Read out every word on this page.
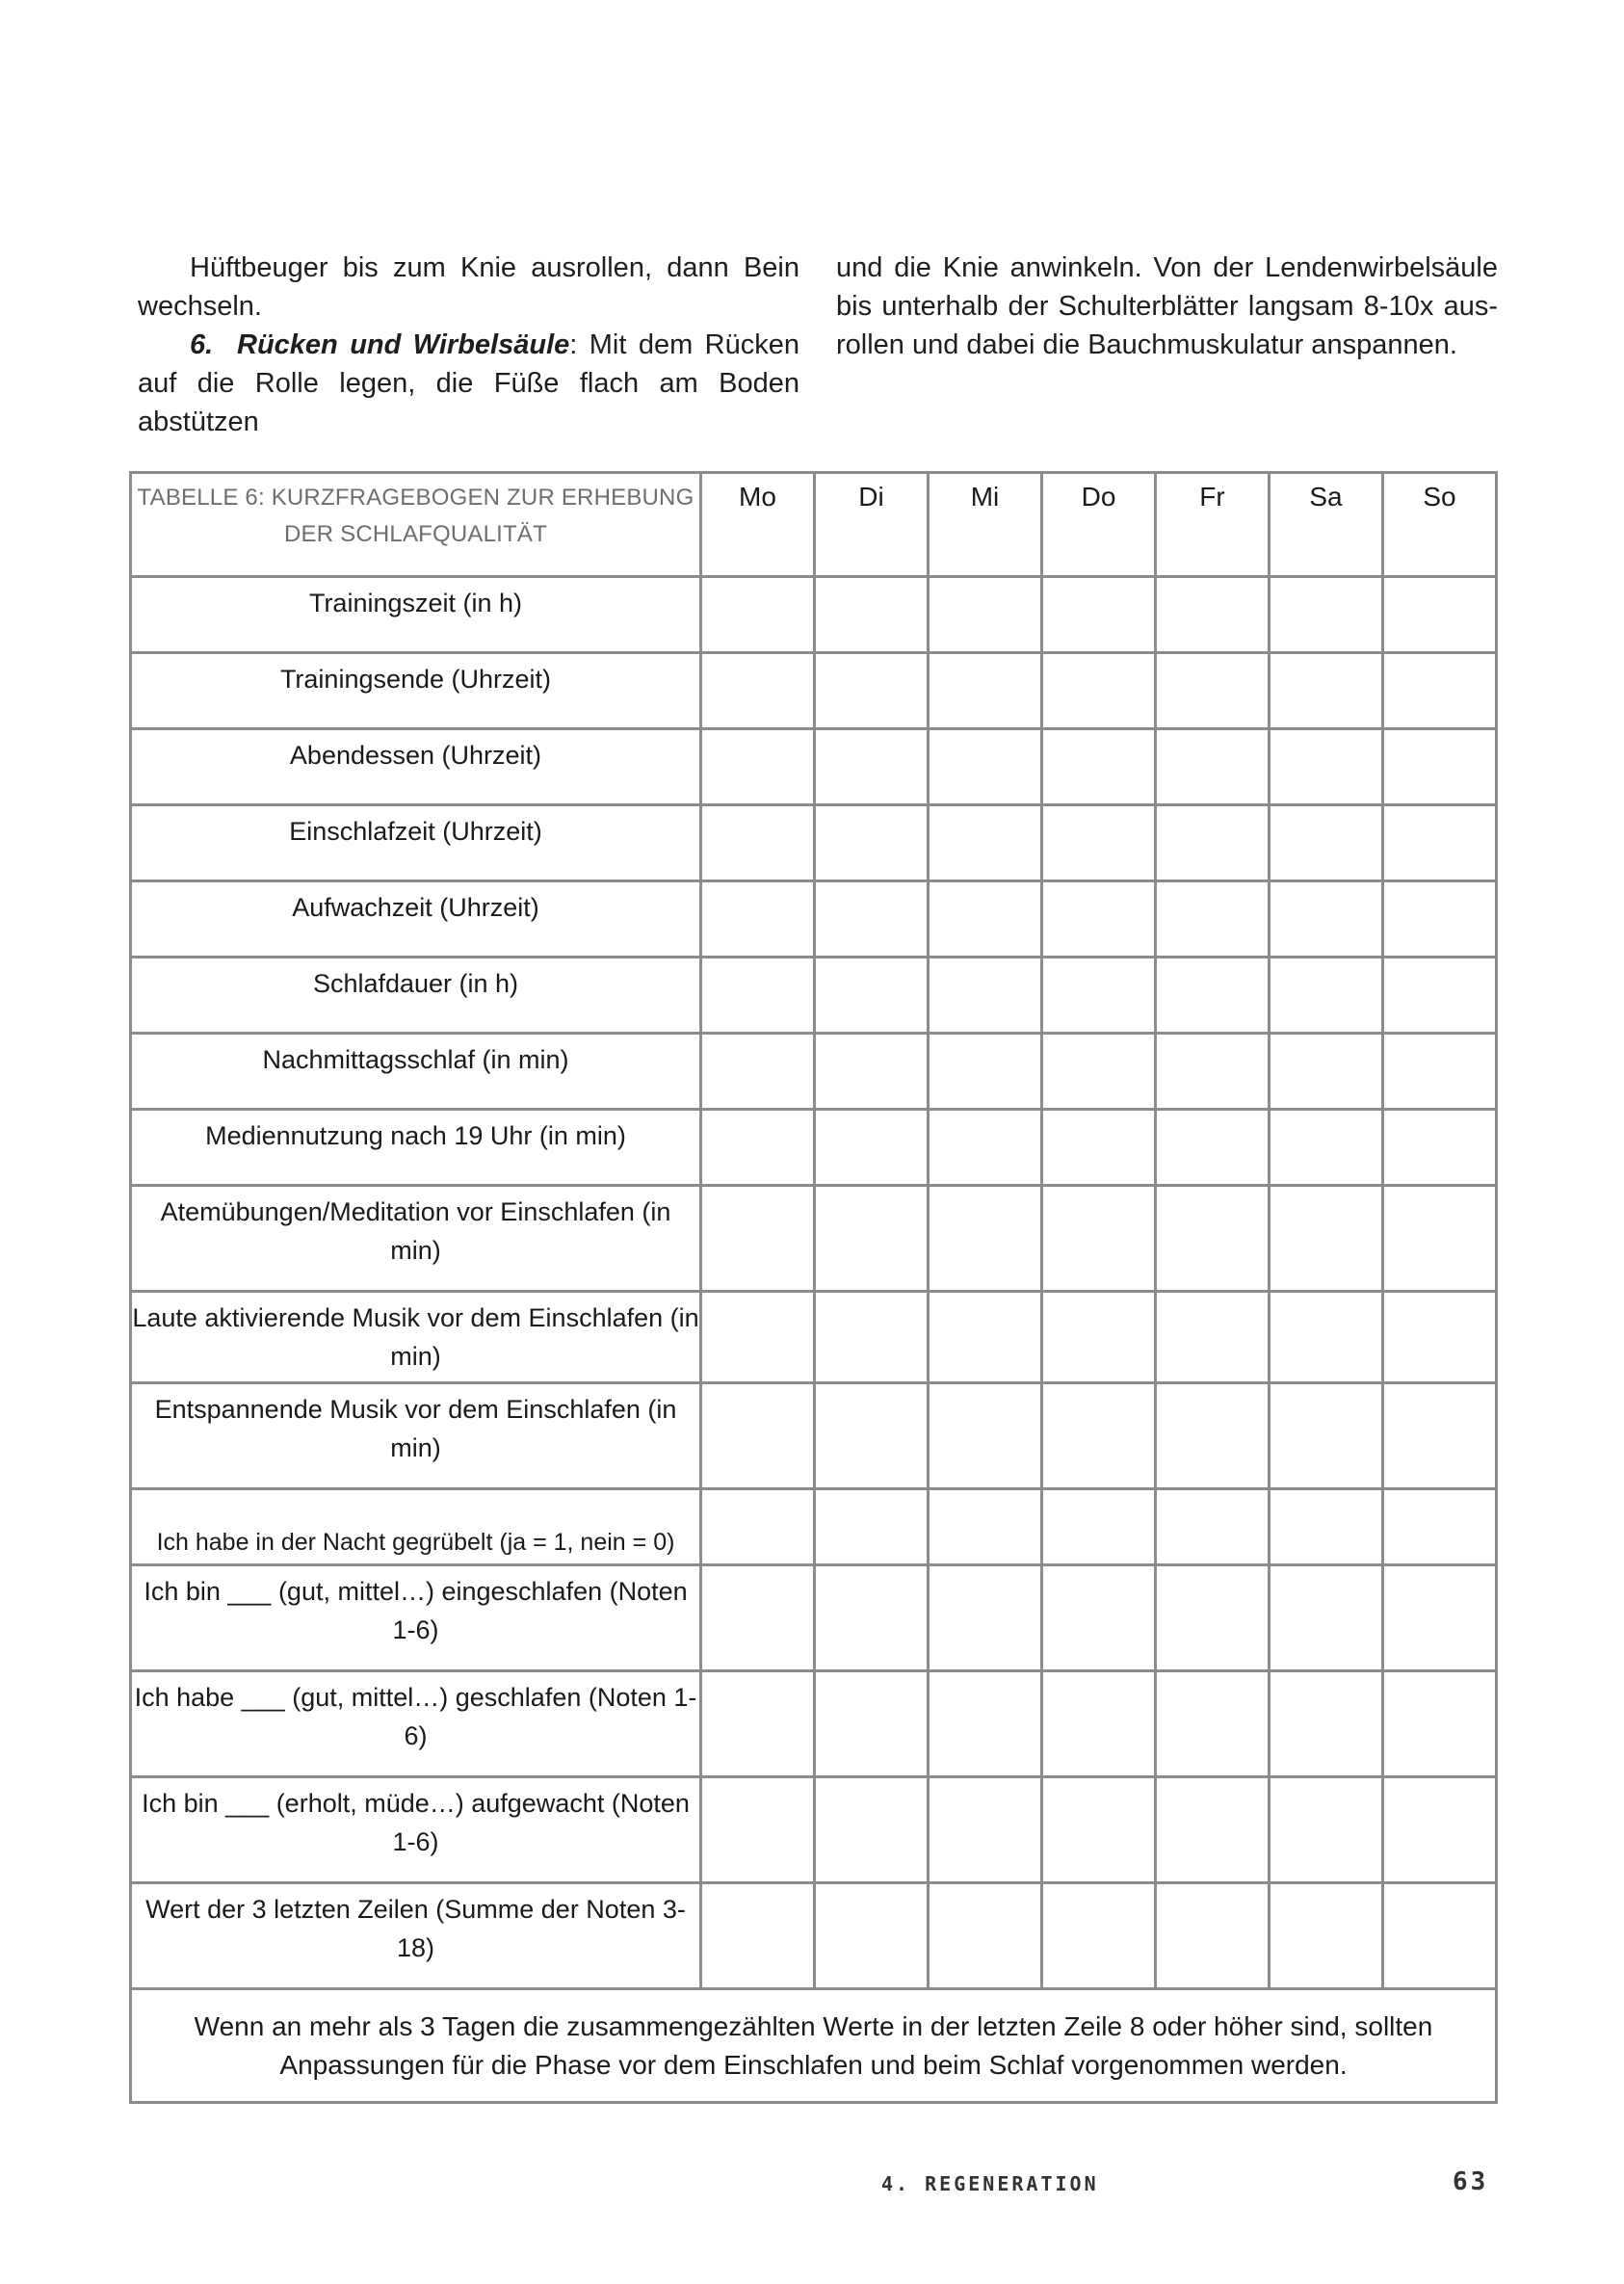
Hüftbeuger bis zum Knie ausrollen, dann Bein wechseln.

6.  Rücken und Wirbelsäule: Mit dem Rücken auf die Rolle legen, die Füße flach am Boden abstützen

und die Knie anwinkeln. Von der Lendenwirbelsäule bis unterhalb der Schulterblätter langsam 8-10x ausrollen und dabei die Bauchmuskulatur anspannen.

TABELLE 6: KURZFRAGEBOGEN ZUR ERHEBUNG DER SCHLAFQUALITÄT	Mo	Di	Mi	Do	Fr	Sa	So
Trainingszeit (in h)							
Trainingsende (Uhrzeit)							
Abendessen (Uhrzeit)							
Einschlafzeit (Uhrzeit)							
Aufwachzeit (Uhrzeit)							
Schlafdauer (in h)							
Nachmittagsschlaf (in min)							
Mediennutzung nach 19 Uhr (in min)							
Atemübungen/Meditation vor Einschlafen (in min)							
Laute aktivierende Musik vor dem Einschlafen (in min)							
Entspannende Musik vor dem Einschlafen (in min)							
Ich habe in der Nacht gegrübelt (ja = 1, nein = 0)							
Ich bin ___ (gut, mittel…) eingeschlafen (Noten 1-6)							
Ich habe ___ (gut, mittel…) geschlafen (Noten 1-6)							
Ich bin ___ (erholt, müde…) aufgewacht (Noten 1-6)							
Wert der 3 letzten Zeilen (Summe der Noten 3-18)							
Wenn an mehr als 3 Tagen die zusammengezählten Werte in der letzten Zeile 8 oder höher sind, sollten Anpassungen für die Phase vor dem Einschlafen und beim Schlaf vorgenommen werden.							
4. REGENERATION	63
